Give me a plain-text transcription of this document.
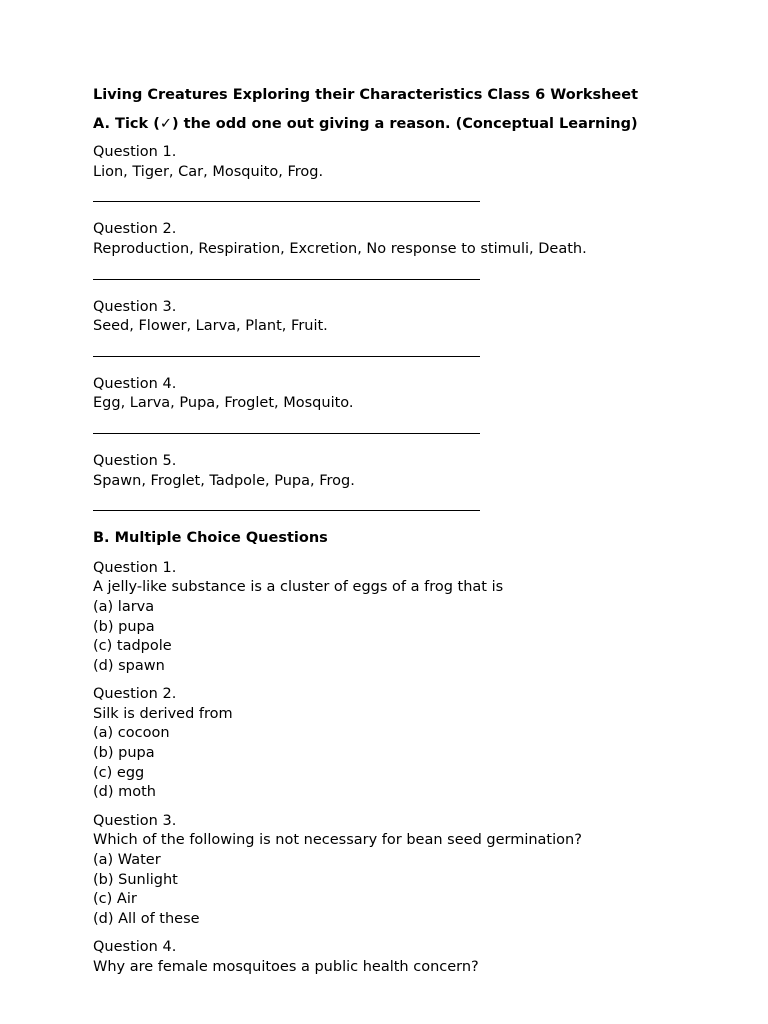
Living Creatures Exploring their Characteristics Class 6 Worksheet
A. Tick (✓) the odd one out giving a reason. (Conceptual Learning)
Question 1.
Lion, Tiger, Car, Mosquito, Frog.
Question 2.
Reproduction, Respiration, Excretion, No response to stimuli, Death.
Question 3.
Seed, Flower, Larva, Plant, Fruit.
Question 4.
Egg, Larva, Pupa, Froglet, Mosquito.
Question 5.
Spawn, Froglet, Tadpole, Pupa, Frog.
B. Multiple Choice Questions
Question 1.
A jelly-like substance is a cluster of eggs of a frog that is
(a) larva
(b) pupa
(c) tadpole
(d) spawn
Question 2.
Silk is derived from
(a) cocoon
(b) pupa
(c) egg
(d) moth
Question 3.
Which of the following is not necessary for bean seed germination?
(a) Water
(b) Sunlight
(c) Air
(d) All of these
Question 4.
Why are female mosquitoes a public health concern?
